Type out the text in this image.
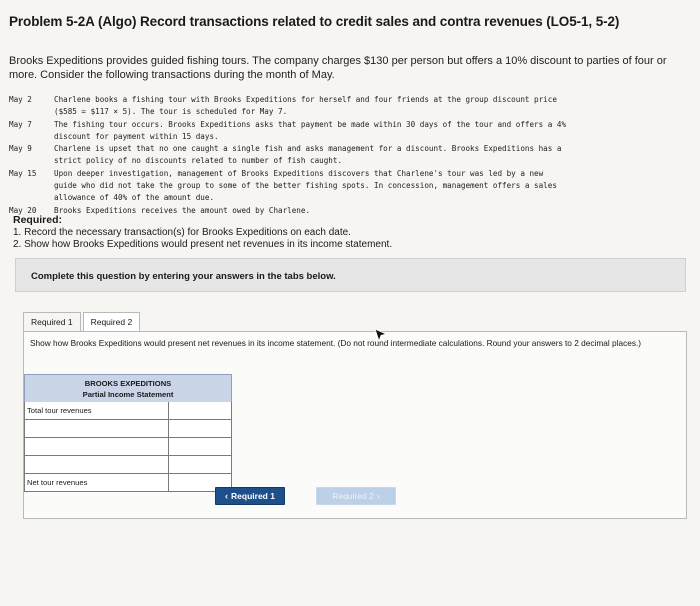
Problem 5-2A (Algo) Record transactions related to credit sales and contra revenues (LO5-1, 5-2)
Brooks Expeditions provides guided fishing tours. The company charges $130 per person but offers a 10% discount to parties of four or more. Consider the following transactions during the month of May.
May 2	Charlene books a fishing tour with Brooks Expeditions for herself and four friends at the group discount price
($585 = $117 × 5). The tour is scheduled for May 7.
May 7	The fishing tour occurs. Brooks Expeditions asks that payment be made within 30 days of the tour and offers a 4%
discount for payment within 15 days.
May 9	Charlene is upset that no one caught a single fish and asks management for a discount. Brooks Expeditions has a
strict policy of no discounts related to number of fish caught.
May 15	Upon deeper investigation, management of Brooks Expeditions discovers that Charlene's tour was led by a new
guide who did not take the group to some of the better fishing spots. In concession, management offers a sales
allowance of 40% of the amount due.
May 20	Brooks Expeditions receives the amount owed by Charlene.
Required:
1. Record the necessary transaction(s) for Brooks Expeditions on each date.
2. Show how Brooks Expeditions would present net revenues in its income statement.
Complete this question by entering your answers in the tabs below.
Required 1	Required 2
Show how Brooks Expeditions would present net revenues in its income statement. (Do not round intermediate calculations. Round your answers to 2 decimal places.)
BROOKS EXPEDITIONS
Partial Income Statement
Total tour revenues
Net tour revenues
‹ Required 1	Required 2 ›
